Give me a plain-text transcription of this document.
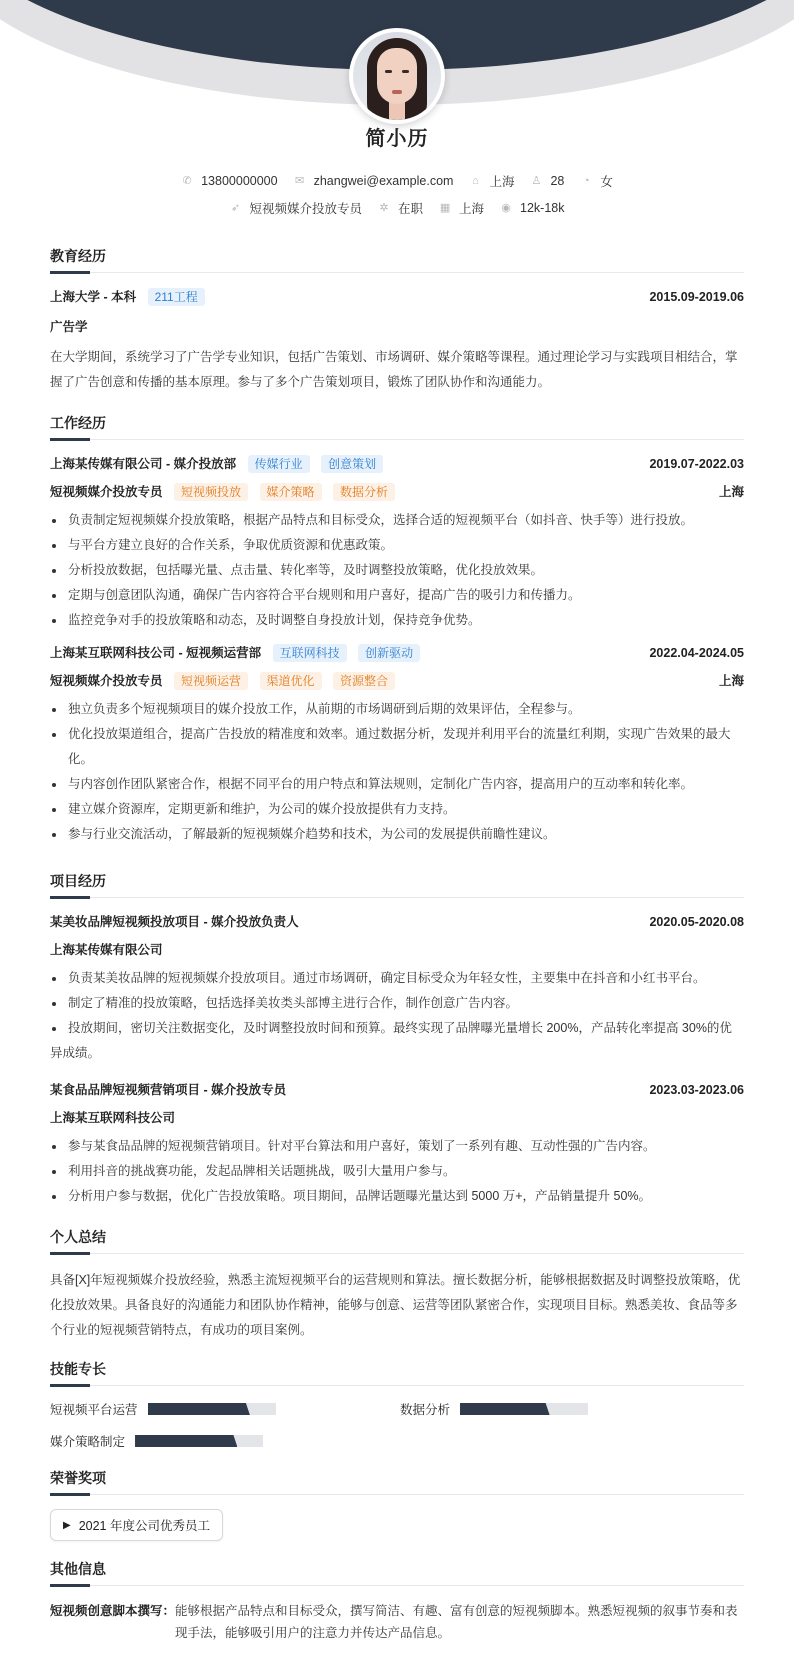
简小历
✆ 13800000000 ✉ zhangwei@example.com ⌂ 上海 ♙ 28 ◔ 女
➶ 短视频媒介投放专员 ✲ 在职 ▦ 上海 ◉ 12k-18k
教育经历
上海大学 - 本科 211工程	2015.09-2019.06
广告学
在大学期间，系统学习了广告学专业知识，包括广告策划、市场调研、媒介策略等课程。通过理论学习与实践项目相结合，掌握了广告创意和传播的基本原理。参与了多个广告策划项目，锻炼了团队协作和沟通能力。
工作经历
上海某传媒有限公司 - 媒介投放部 传媒行业 创意策划	2019.07-2022.03
短视频媒介投放专员 短视频投放 媒介策略 数据分析	上海
负责制定短视频媒介投放策略，根据产品特点和目标受众，选择合适的短视频平台（如抖音、快手等）进行投放。
与平台方建立良好的合作关系，争取优质资源和优惠政策。
分析投放数据，包括曝光量、点击量、转化率等，及时调整投放策略，优化投放效果。
定期与创意团队沟通，确保广告内容符合平台规则和用户喜好，提高广告的吸引力和传播力。
监控竞争对手的投放策略和动态，及时调整自身投放计划，保持竞争优势。
上海某互联网科技公司 - 短视频运营部 互联网科技 创新驱动	2022.04-2024.05
短视频媒介投放专员 短视频运营 渠道优化 资源整合	上海
独立负责多个短视频项目的媒介投放工作，从前期的市场调研到后期的效果评估，全程参与。
优化投放渠道组合，提高广告投放的精准度和效率。通过数据分析，发现并利用平台的流量红利期，实现广告效果的最大化。
与内容创作团队紧密合作，根据不同平台的用户特点和算法规则，定制化广告内容，提高用户的互动率和转化率。
建立媒介资源库，定期更新和维护，为公司的媒介投放提供有力支持。
参与行业交流活动，了解最新的短视频媒介趋势和技术，为公司的发展提供前瞻性建议。
项目经历
某美妆品牌短视频投放项目 - 媒介投放负责人	2020.05-2020.08
上海某传媒有限公司
负责某美妆品牌的短视频媒介投放项目。通过市场调研，确定目标受众为年轻女性，主要集中在抖音和小红书平台。
制定了精准的投放策略，包括选择美妆类头部博主进行合作，制作创意广告内容。
投放期间，密切关注数据变化，及时调整投放时间和预算。最终实现了品牌曝光量增长 200%，产品转化率提高 30%的优异成绩。
某食品品牌短视频营销项目 - 媒介投放专员	2023.03-2023.06
上海某互联网科技公司
参与某食品品牌的短视频营销项目。针对平台算法和用户喜好，策划了一系列有趣、互动性强的广告内容。
利用抖音的挑战赛功能，发起品牌相关话题挑战，吸引大量用户参与。
分析用户参与数据，优化广告投放策略。项目期间，品牌话题曝光量达到 5000 万+，产品销量提升 50%。
个人总结
具备[X]年短视频媒介投放经验，熟悉主流短视频平台的运营规则和算法。擅长数据分析，能够根据数据及时调整投放策略，优化投放效果。具备良好的沟通能力和团队协作精神，能够与创意、运营等团队紧密合作，实现项目目标。熟悉美妆、食品等多个行业的短视频营销特点，有成功的项目案例。
技能专长
短视频平台运营	数据分析
媒介策略制定
荣誉奖项
▶ 2021 年度公司优秀员工
其他信息
短视频创意脚本撰写： 能够根据产品特点和目标受众，撰写简洁、有趣、富有创意的短视频脚本。熟悉短视频的叙事节奏和表现手法，能够吸引用户的注意力并传达产品信息。
